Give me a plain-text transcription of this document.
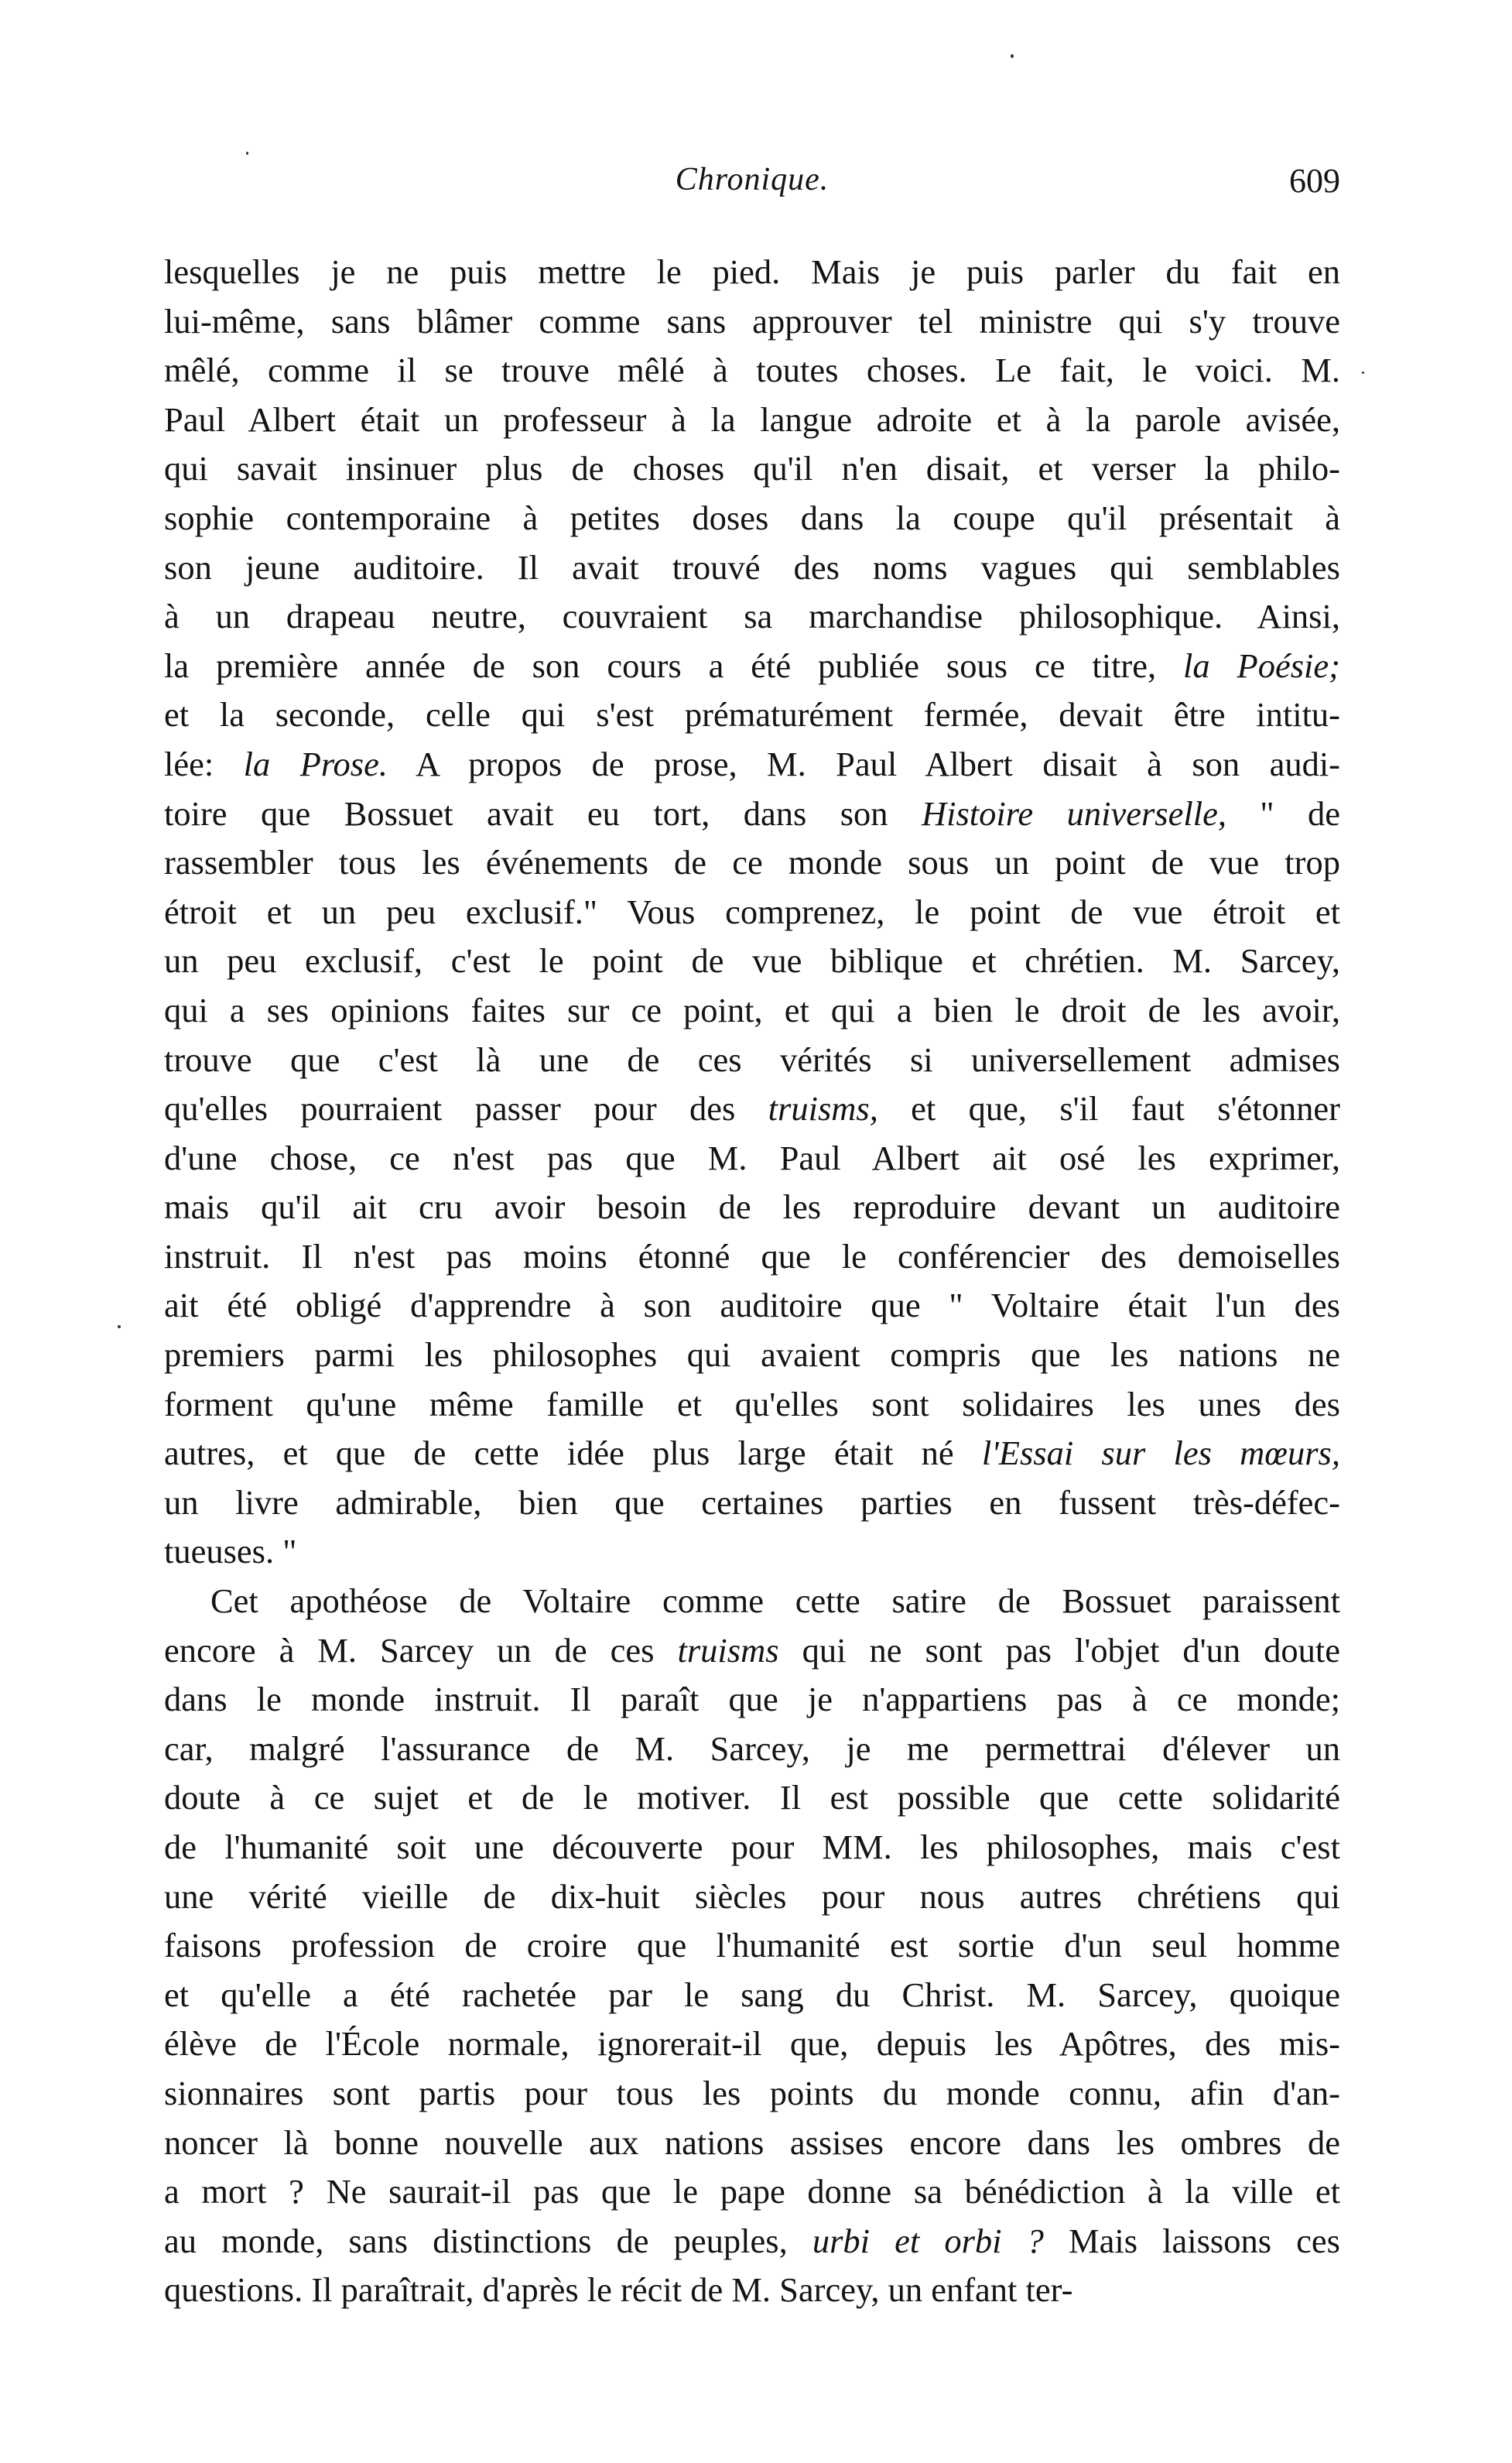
Chronique.	609
lesquelles je ne puis mettre le pied. Mais je puis parler du fait en
lui-même, sans blâmer comme sans approuver tel ministre qui s'y trouve
mêlé, comme il se trouve mêlé à toutes choses. Le fait, le voici. M.
Paul Albert était un professeur à la langue adroite et à la parole avisée,
qui savait insinuer plus de choses qu'il n'en disait, et verser la philo-
sophie contemporaine à petites doses dans la coupe qu'il présentait à
son jeune auditoire. Il avait trouvé des noms vagues qui semblables
à un drapeau neutre, couvraient sa marchandise philosophique. Ainsi,
la première année de son cours a été publiée sous ce titre, la Poésie;
et la seconde, celle qui s'est prématurément fermée, devait être intitu-
lée: la Prose. A propos de prose, M. Paul Albert disait à son audi-
toire que Bossuet avait eu tort, dans son Histoire universelle, " de
rassembler tous les événements de ce monde sous un point de vue trop
étroit et un peu exclusif." Vous comprenez, le point de vue étroit et
un peu exclusif, c'est le point de vue biblique et chrétien. M. Sarcey,
qui a ses opinions faites sur ce point, et qui a bien le droit de les avoir,
trouve que c'est là une de ces vérités si universellement admises
qu'elles pourraient passer pour des truisms, et que, s'il faut s'étonner
d'une chose, ce n'est pas que M. Paul Albert ait osé les exprimer,
mais qu'il ait cru avoir besoin de les reproduire devant un auditoire
instruit. Il n'est pas moins étonné que le conférencier des demoiselles
ait été obligé d'apprendre à son auditoire que " Voltaire était l'un des
premiers parmi les philosophes qui avaient compris que les nations ne
forment qu'une même famille et qu'elles sont solidaires les unes des
autres, et que de cette idée plus large était né l'Essai sur les mœurs,
un livre admirable, bien que certaines parties en fussent très-défec-
tueuses. "
Cet apothéose de Voltaire comme cette satire de Bossuet paraissent
encore à M. Sarcey un de ces truisms qui ne sont pas l'objet d'un doute
dans le monde instruit. Il paraît que je n'appartiens pas à ce monde;
car, malgré l'assurance de M. Sarcey, je me permettrai d'élever un
doute à ce sujet et de le motiver. Il est possible que cette solidarité
de l'humanité soit une découverte pour MM. les philosophes, mais c'est
une vérité vieille de dix-huit siècles pour nous autres chrétiens qui
faisons profession de croire que l'humanité est sortie d'un seul homme
et qu'elle a été rachetée par le sang du Christ. M. Sarcey, quoique
élève de l'École normale, ignorerait-il que, depuis les Apôtres, des mis-
sionnaires sont partis pour tous les points du monde connu, afin d'an-
noncer là bonne nouvelle aux nations assises encore dans les ombres de
a mort ? Ne saurait-il pas que le pape donne sa bénédiction à la ville et
au monde, sans distinctions de peuples, urbi et orbi ? Mais laissons ces
questions. Il paraîtrait, d'après le récit de M. Sarcey, un enfant ter-
